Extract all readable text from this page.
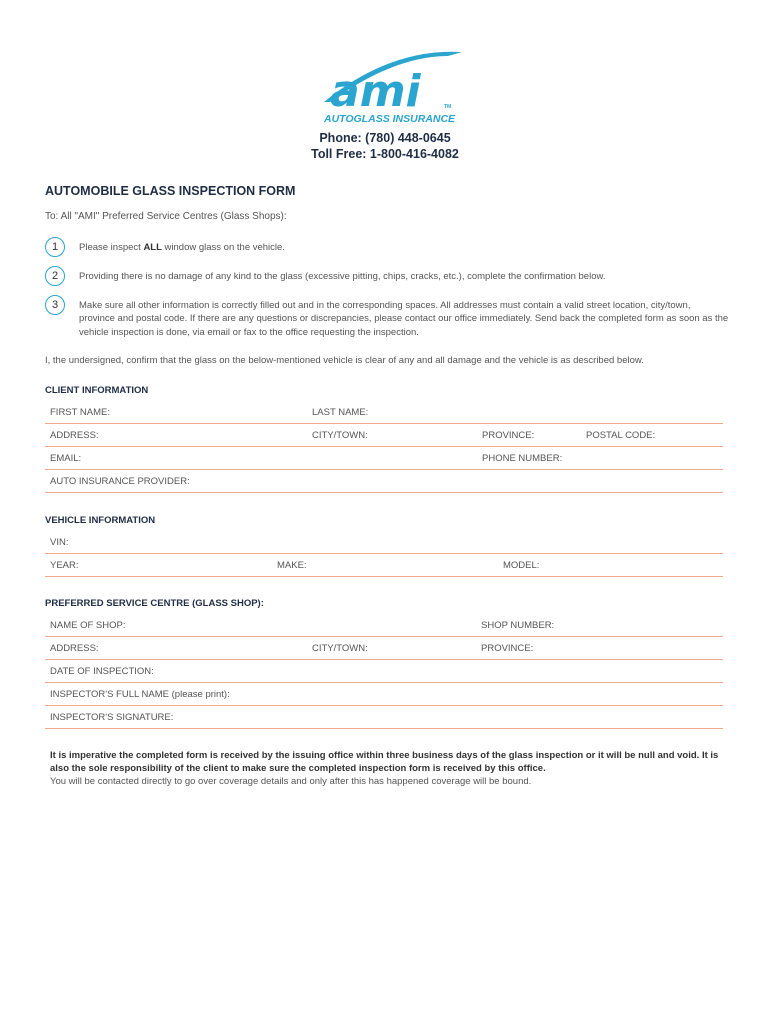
ami	TM
AUTOGLASS INSURANCE
Phone: (780) 448-0645
Toll Free: 1-800-416-4082
AUTOMOBILE GLASS INSPECTION FORM
To: All "AMI" Preferred Service Centres (Glass Shops):
1	Please inspect ALL window glass on the vehicle.
2	Providing there is no damage of any kind to the glass (excessive pitting, chips, cracks, etc.), complete the confirmation below.
3	Make sure all other information is correctly filled out and in the corresponding spaces. All addresses must contain a valid street location, city/town, province and postal code. If there are any questions or discrepancies, please contact our office immediately. Send back the completed form as soon as the vehicle inspection is done, via email or fax to the office requesting the inspection.
I, the undersigned, confirm that the glass on the below-mentioned vehicle is clear of any and all damage and the vehicle is as described below.
CLIENT INFORMATION
FIRST NAME:	LAST NAME:
ADDRESS:	CITY/TOWN:	PROVINCE:	POSTAL CODE:
EMAIL:	PHONE NUMBER:
AUTO INSURANCE PROVIDER:
VEHICLE INFORMATION
VIN:
YEAR:	MAKE:	MODEL:
PREFERRED SERVICE CENTRE (GLASS SHOP):
NAME OF SHOP:	SHOP NUMBER:
ADDRESS:	CITY/TOWN:	PROVINCE:
DATE OF INSPECTION:
INSPECTOR'S FULL NAME (please print):
INSPECTOR'S SIGNATURE:
It is imperative the completed form is received by the issuing office within three business days of the glass inspection or it will be null and void. It is also the sole responsibility of the client to make sure the completed inspection form is received by this office.
You will be contacted directly to go over coverage details and only after this has happened coverage will be bound.
